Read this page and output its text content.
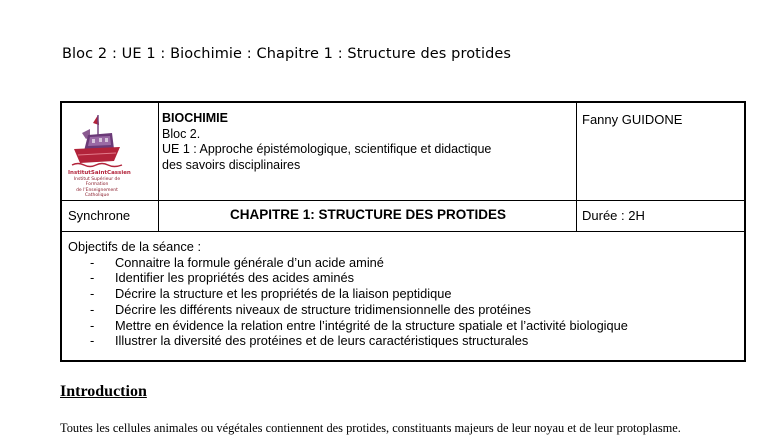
Bloc 2 : UE 1 : Biochimie : Chapitre 1 : Structure des protides
InstitutSaintCassien
Institut Supérieur de Formation
de l'Enseignement Catholique
BIOCHIMIE
Bloc 2.
UE 1 : Approche épistémologique, scientifique et didactique
des savoirs disciplinaires
Fanny GUIDONE
Synchrone	CHAPITRE 1: STRUCTURE DES PROTIDES	Durée : 2H
Objectifs de la séance :
- Connaitre la formule générale d’un acide aminé
- Identifier les propriétés des acides aminés
- Décrire la structure et les propriétés de la liaison peptidique
- Décrire les différents niveaux de structure tridimensionnelle des protéines
- Mettre en évidence la relation entre l’intégrité de la structure spatiale et l’activité biologique
- Illustrer la diversité des protéines et de leurs caractéristiques structurales
Introduction
Toutes les cellules animales ou végétales contiennent des protides, constituants majeurs de leur noyau et de leur protoplasme.
